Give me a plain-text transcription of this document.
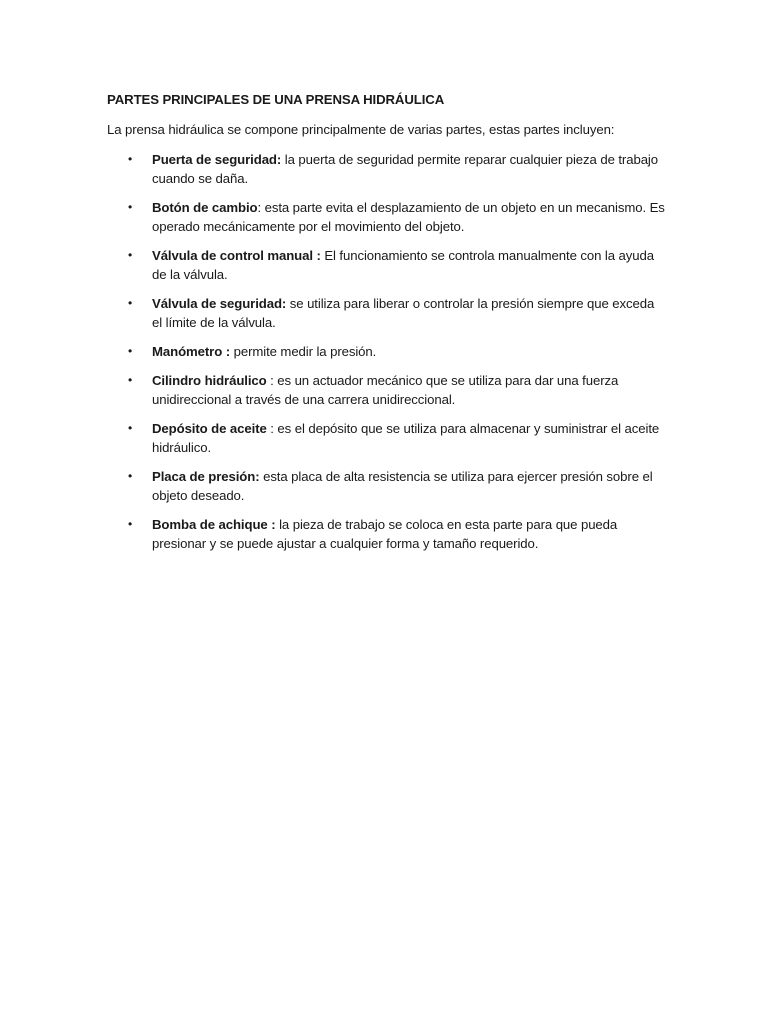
PARTES PRINCIPALES DE UNA PRENSA HIDRÁULICA

La prensa hidráulica se compone principalmente de varias partes, estas partes incluyen:

• Puerta de seguridad: la puerta de seguridad permite reparar cualquier pieza de trabajo cuando se daña.
• Botón de cambio: esta parte evita el desplazamiento de un objeto en un mecanismo. Es operado mecánicamente por el movimiento del objeto.
• Válvula de control manual : El funcionamiento se controla manualmente con la ayuda de la válvula.
• Válvula de seguridad: se utiliza para liberar o controlar la presión siempre que exceda el límite de la válvula.
• Manómetro : permite medir la presión.
• Cilindro hidráulico : es un actuador mecánico que se utiliza para dar una fuerza unidireccional a través de una carrera unidireccional.
• Depósito de aceite : es el depósito que se utiliza para almacenar y suministrar el aceite hidráulico.
• Placa de presión: esta placa de alta resistencia se utiliza para ejercer presión sobre el objeto deseado.
• Bomba de achique : la pieza de trabajo se coloca en esta parte para que pueda presionar y se puede ajustar a cualquier forma y tamaño requerido.
